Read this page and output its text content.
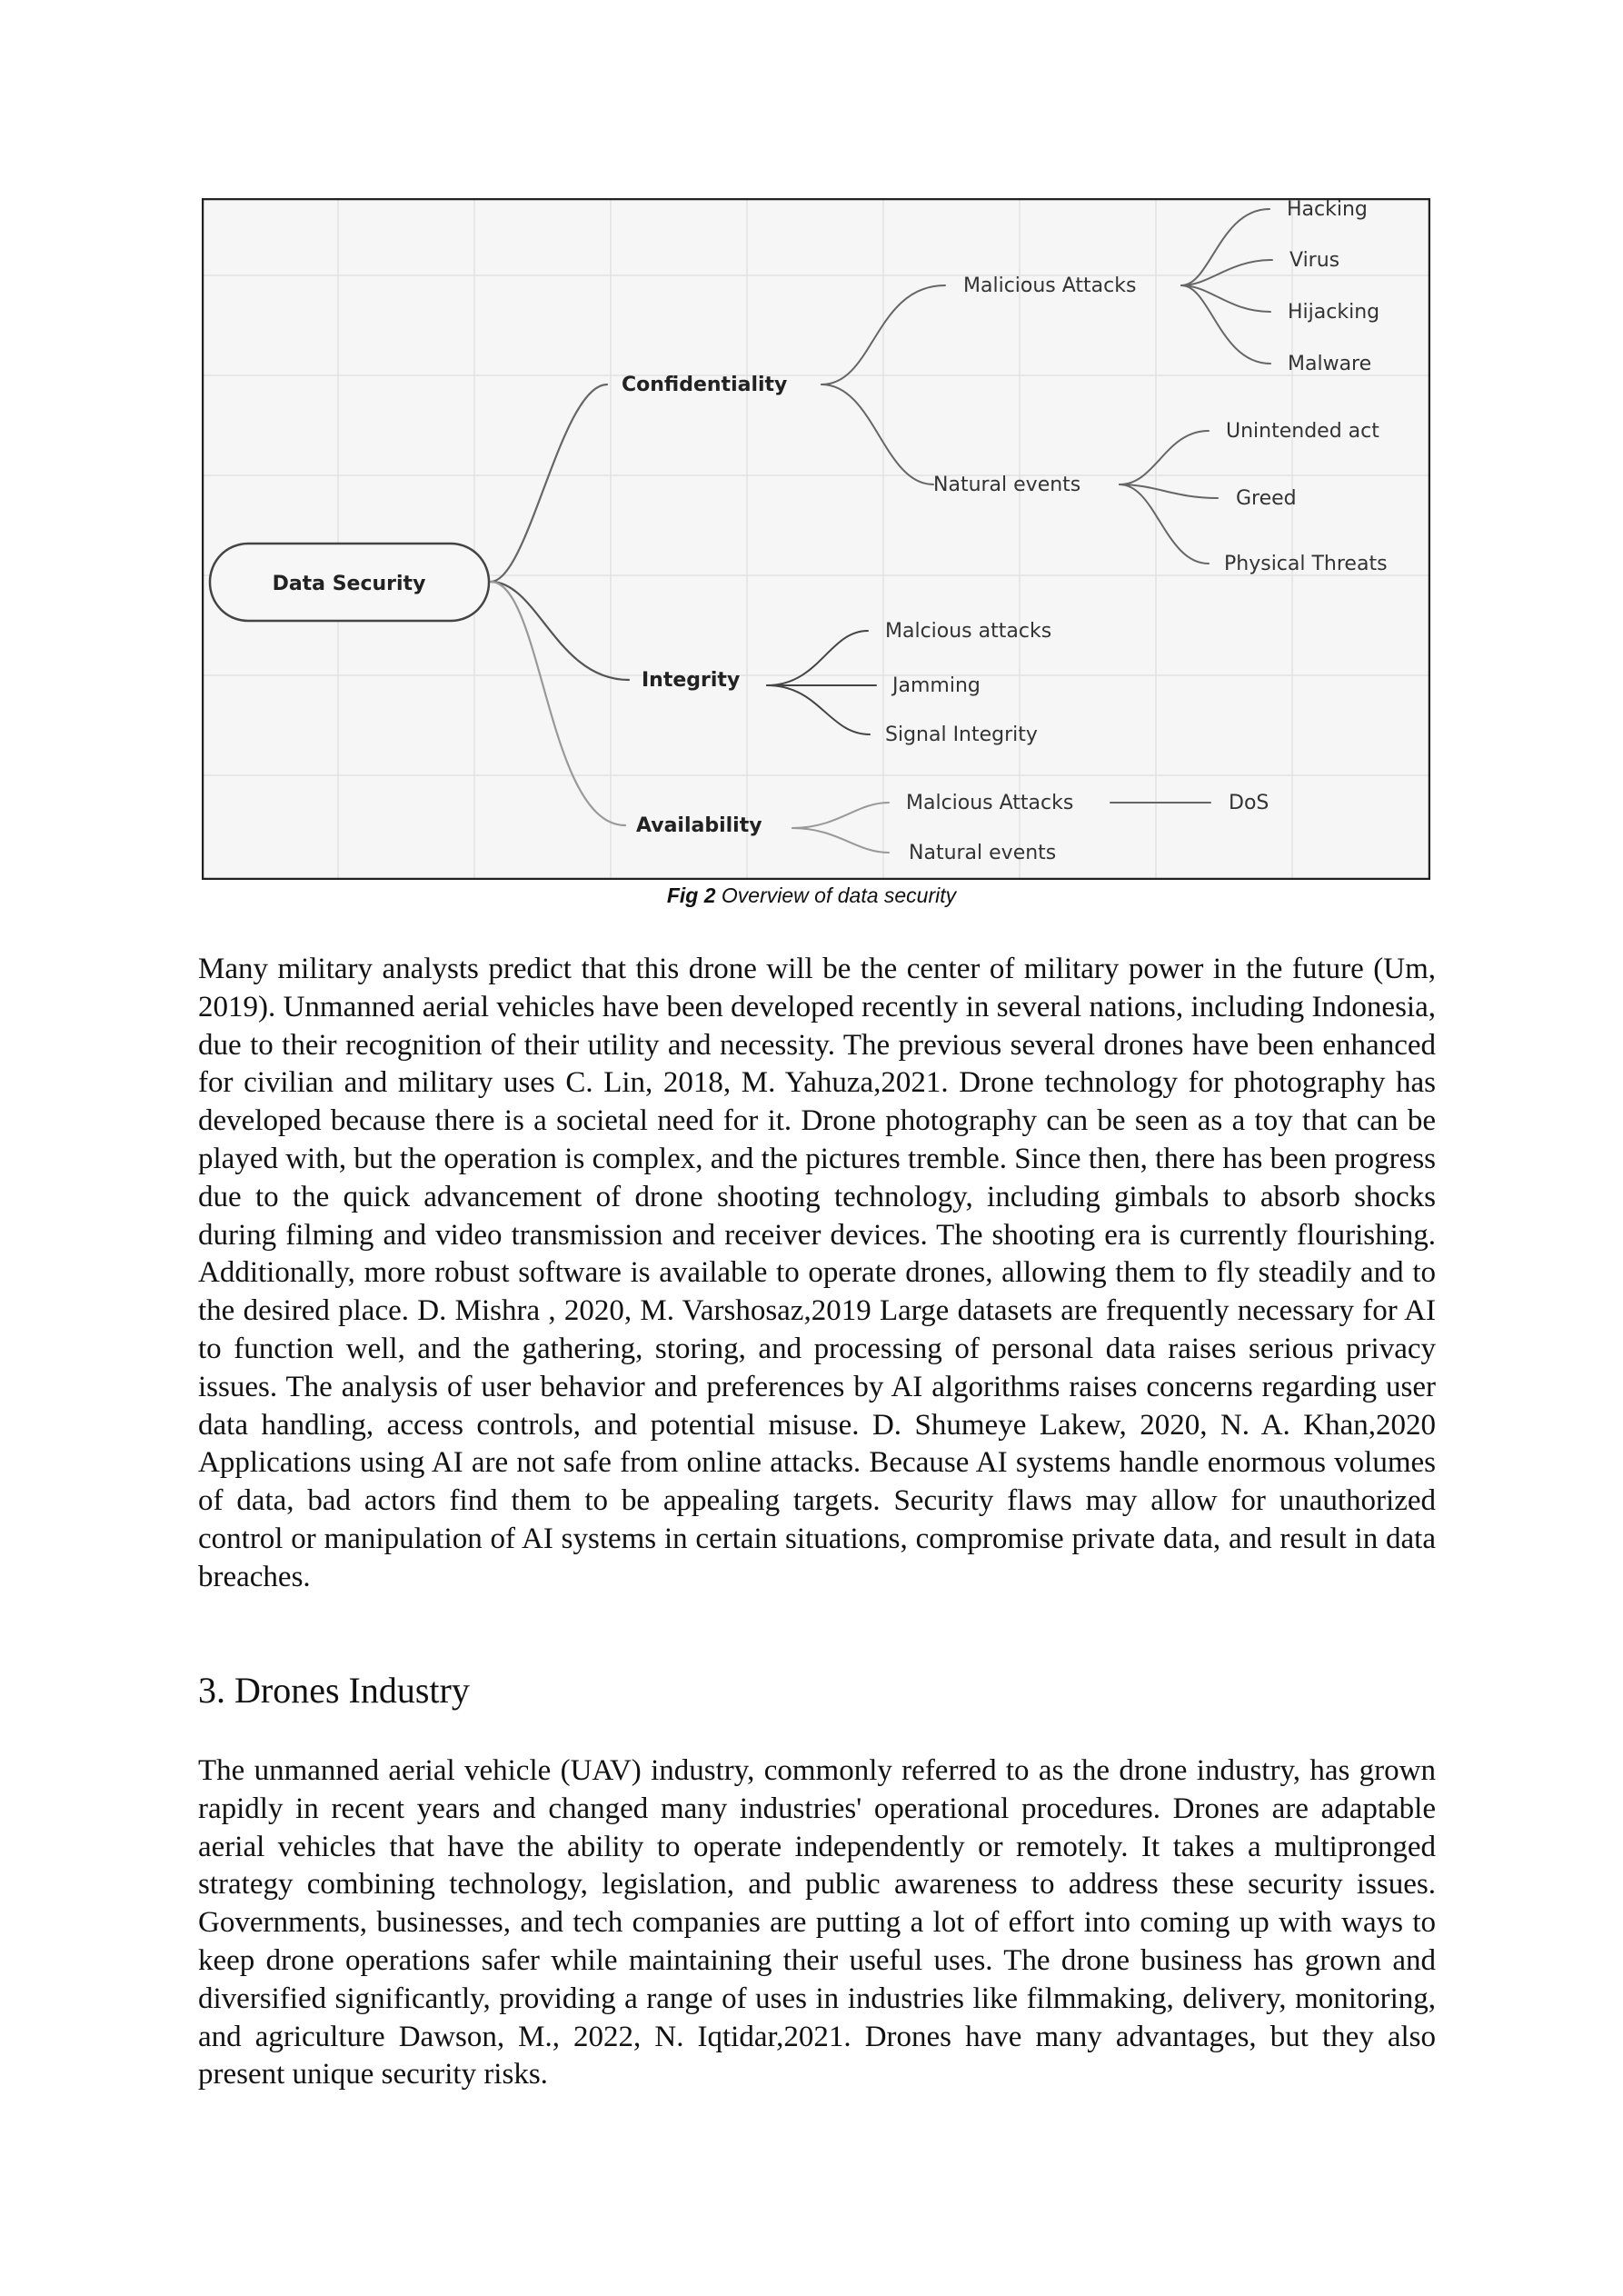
Data Security
Confidentiality
Integrity
Availability
Malicious Attacks
Hacking
Virus
Hijacking
Malware
Natural events
Unintended act
Greed
Physical Threats
Malcious attacks
Jamming
Signal Integrity
Malcious Attacks
Natural events
DoS
Fig 2 Overview of data security

Many military analysts predict that this drone will be the center of military power in the future (Um, 2019). Unmanned aerial vehicles have been developed recently in several nations, including Indonesia, due to their recognition of their utility and necessity. The previous several drones have been enhanced for civilian and military uses C. Lin, 2018, M. Yahuza,2021. Drone technology for photography has developed because there is a societal need for it. Drone photography can be seen as a toy that can be played with, but the operation is complex, and the pictures tremble. Since then, there has been progress due to the quick advancement of drone shooting technology, including gimbals to absorb shocks during filming and video transmission and receiver devices. The shooting era is currently flourishing. Additionally, more robust software is available to operate drones, allowing them to fly steadily and to the desired place. D. Mishra , 2020, M. Varshosaz,2019 Large datasets are frequently necessary for AI to function well, and the gathering, storing, and processing of personal data raises serious privacy issues. The analysis of user behavior and preferences by AI algorithms raises concerns regarding user data handling, access controls, and potential misuse. D. Shumeye Lakew, 2020, N. A. Khan,2020 Applications using AI are not safe from online attacks. Because AI systems handle enormous volumes of data, bad actors find them to be appealing targets. Security flaws may allow for unauthorized control or manipulation of AI systems in certain situations, compromise private data, and result in data breaches.

3. Drones Industry

The unmanned aerial vehicle (UAV) industry, commonly referred to as the drone industry, has grown rapidly in recent years and changed many industries' operational procedures. Drones are adaptable aerial vehicles that have the ability to operate independently or remotely. It takes a multipronged strategy combining technology, legislation, and public awareness to address these security issues. Governments, businesses, and tech companies are putting a lot of effort into coming up with ways to keep drone operations safer while maintaining their useful uses. The drone business has grown and diversified significantly, providing a range of uses in industries like filmmaking, delivery, monitoring, and agriculture Dawson, M., 2022, N. Iqtidar,2021. Drones have many advantages, but they also present unique security risks.
